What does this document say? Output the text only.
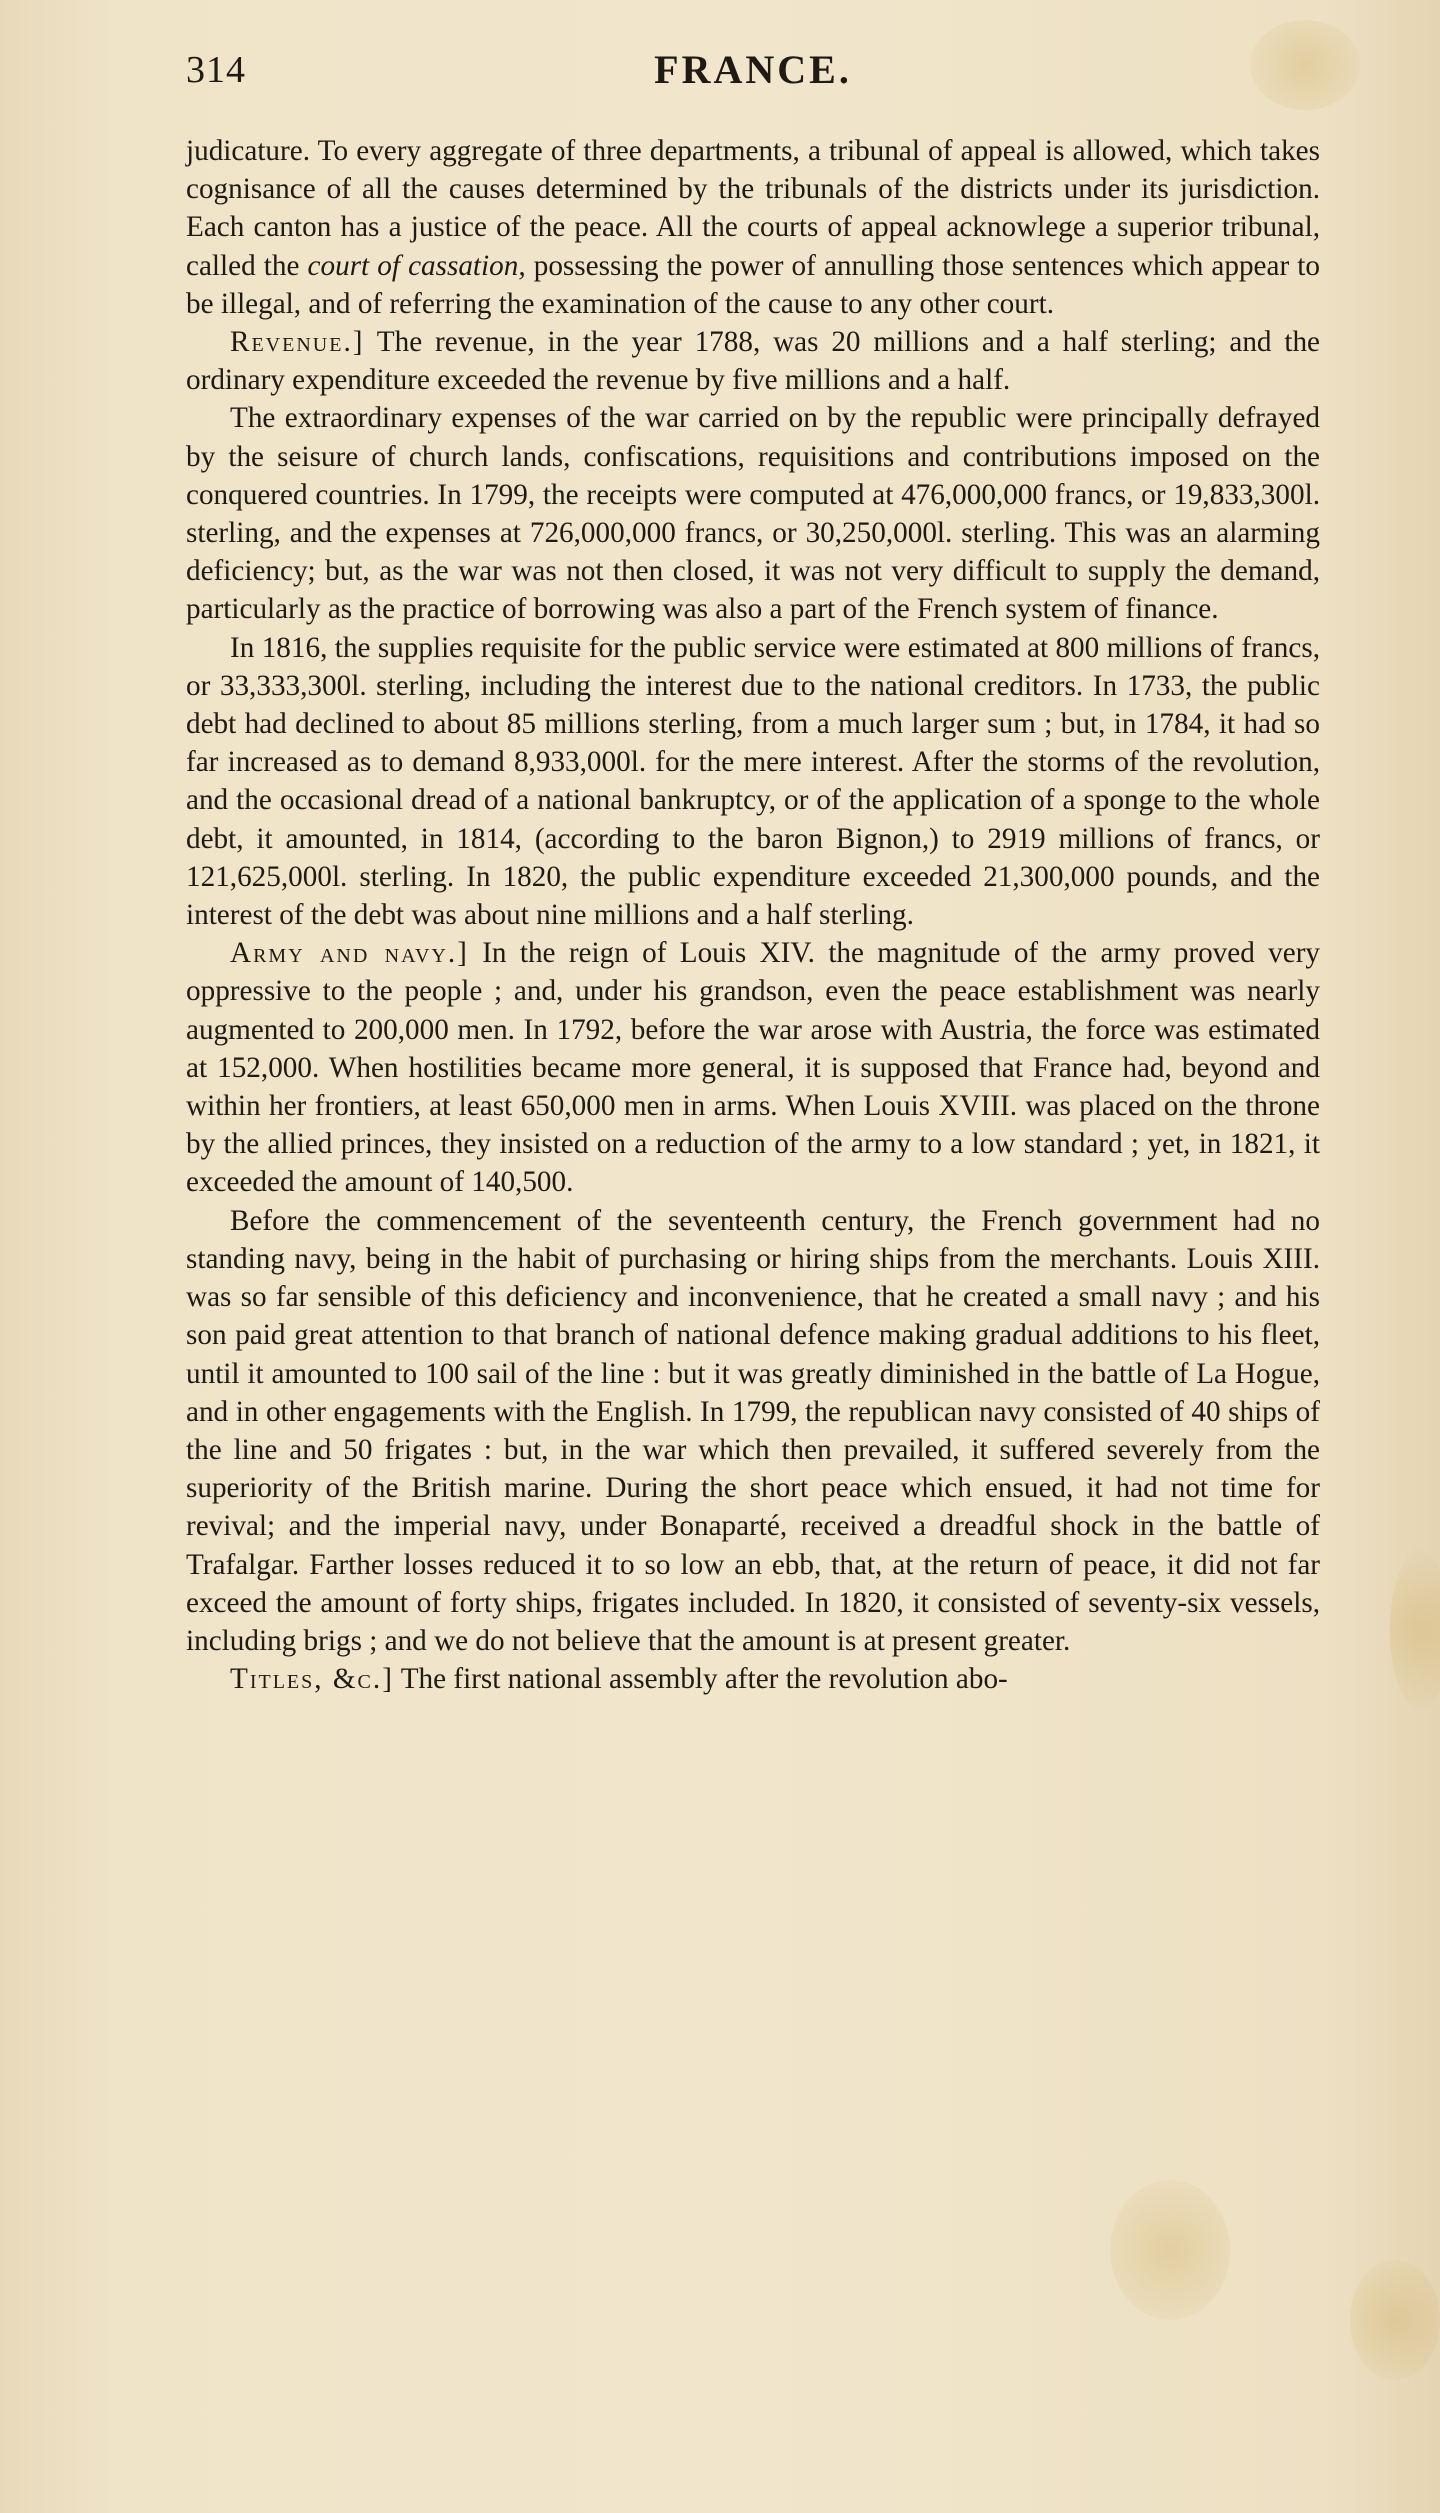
314	FRANCE.

judicature. To every aggregate of three departments, a tribunal of appeal is allowed, which takes cognisance of all the causes determined by the tribunals of the districts under its jurisdiction. Each canton has a justice of the peace. All the courts of appeal acknowlege a superior tribunal, called the court of cassation, possessing the power of annulling those sentences which appear to be illegal, and of referring the examination of the cause to any other court.

Revenue.] The revenue, in the year 1788, was 20 millions and a half sterling; and the ordinary expenditure exceeded the revenue by five millions and a half.

The extraordinary expenses of the war carried on by the republic were principally defrayed by the seisure of church lands, confiscations, requisitions and contributions imposed on the conquered countries. In 1799, the receipts were computed at 476,000,000 francs, or 19,833,300l. sterling, and the expenses at 726,000,000 francs, or 30,250,000l. sterling. This was an alarming deficiency; but, as the war was not then closed, it was not very difficult to supply the demand, particularly as the practice of borrowing was also a part of the French system of finance.

In 1816, the supplies requisite for the public service were estimated at 800 millions of francs, or 33,333,300l. sterling, including the interest due to the national creditors. In 1733, the public debt had declined to about 85 millions sterling, from a much larger sum ; but, in 1784, it had so far increased as to demand 8,933,000l. for the mere interest. After the storms of the revolution, and the occasional dread of a national bankruptcy, or of the application of a sponge to the whole debt, it amounted, in 1814, (according to the baron Bignon,) to 2919 millions of francs, or 121,625,000l. sterling. In 1820, the public expenditure exceeded 21,300,000 pounds, and the interest of the debt was about nine millions and a half sterling.

Army and navy.] In the reign of Louis XIV. the magnitude of the army proved very oppressive to the people ; and, under his grandson, even the peace establishment was nearly augmented to 200,000 men. In 1792, before the war arose with Austria, the force was estimated at 152,000. When hostilities became more general, it is supposed that France had, beyond and within her frontiers, at least 650,000 men in arms. When Louis XVIII. was placed on the throne by the allied princes, they insisted on a reduction of the army to a low standard ; yet, in 1821, it exceeded the amount of 140,500.

Before the commencement of the seventeenth century, the French government had no standing navy, being in the habit of purchasing or hiring ships from the merchants. Louis XIII. was so far sensible of this deficiency and inconvenience, that he created a small navy ; and his son paid great attention to that branch of national defence making gradual additions to his fleet, until it amounted to 100 sail of the line : but it was greatly diminished in the battle of La Hogue, and in other engagements with the English. In 1799, the republican navy consisted of 40 ships of the line and 50 frigates : but, in the war which then prevailed, it suffered severely from the superiority of the British marine. During the short peace which ensued, it had not time for revival; and the imperial navy, under Bonaparté, received a dreadful shock in the battle of Trafalgar. Farther losses reduced it to so low an ebb, that, at the return of peace, it did not far exceed the amount of forty ships, frigates included. In 1820, it consisted of seventy-six vessels, including brigs ; and we do not believe that the amount is at present greater.

Titles, &c.] The first national assembly after the revolution abo-
